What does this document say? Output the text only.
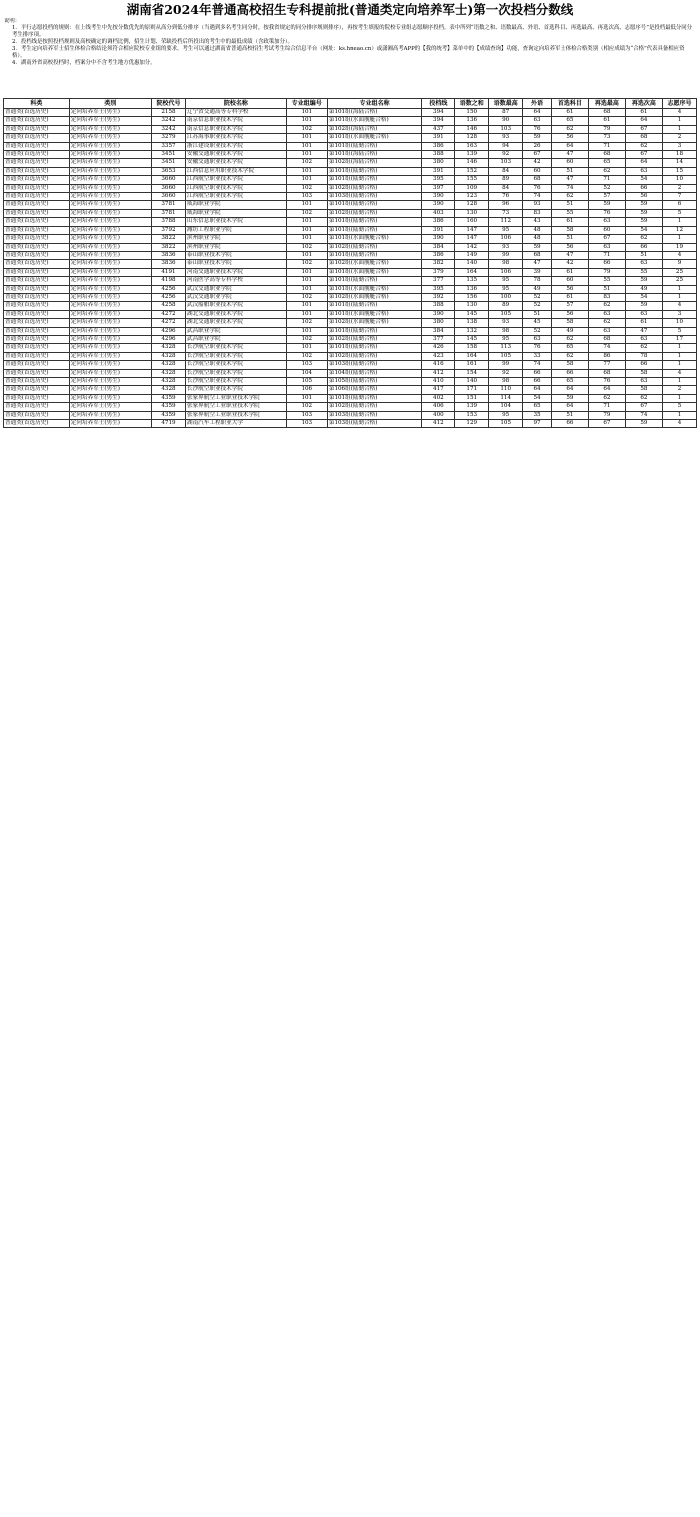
湖南省2024年普通高校招生专科提前批(普通类定向培养军士)第一次投档分数线

说明：

1．平行志愿投档的规则：在上线考生中先按分数优先的原则从高分到低分排序（当遇到多名考生同分时，按我省规定的同分排序规则排序），再按考生填报的院校专业组志愿顺序投档。表中所列“语数之和、语数最高、外语、首选科目、再选最高、再选次高、志愿序号”是投档最低分同分考生排序项。

2．投档线是按照投档规则及高校确定的调档比例，招生计划、荣缺投档后所投出的考生中的最低成绩（含政策加分）。

3．考生定向培养军士招生体检合格结论须符合相应院校专业组的要求。考生可以通过湖南省普通高校招生考试考生综合信息平台（网址：ks.hneao.cn）或潇湘高考APP的【我的统考】菜单中的【成绩查询】功能，查询定向培养军士体检合格类别（相应成绩为“合格”代表具备相应资格）。

4．湖南外省高校投档时，档案分中不含考生地方优惠加分。

科类	类别	院校代号	院校名称	专业组编号	专业组名称	投档线	语数之和	语数最高	外语	首选科目	再选最高	再选次高	志愿序号
普通类(首选历史)	定向培养军士(男生)	2158	辽宁省交通高等专科学校	101	第101组(海陆合格)	394	150	87	64	61	68	61	4
普通类(首选历史)	定向培养军士(男生)	3242	南京信息职业技术学院	101	第101组(水面舰艇合格)	394	136	90	63	65	61	64	1
普通类(首选历史)	定向培养军士(男生)	3242	南京信息职业技术学院	102	第102组(海陆合格)	437	146	103	76	62	79	67	1
普通类(首选历史)	定向培养军士(男生)	3279	江苏海事职业技术学院	101	第101组(水面舰艇合格)	391	128	93	59	56	73	68	2
普通类(首选历史)	定向培养军士(男生)	3357	浙江建设职业技术学院	101	第101组(陆勤合格)	386	163	94	26	64	71	62	3
普通类(首选历史)	定向培养军士(男生)	3451	安徽交通职业技术学院	101	第101组(海陆合格)	388	139	92	67	47	68	67	18
普通类(首选历史)	定向培养军士(男生)	3451	安徽交通职业技术学院	102	第102组(海陆合格)	380	146	103	42	60	65	64	14
普通类(首选历史)	定向培养军士(男生)	3653	江西信息应用职业技术学院	101	第101组(陆勤合格)	391	152	84	60	51	62	63	15
普通类(首选历史)	定向培养军士(男生)	3660	江西航空职业技术学院	101	第101组(陆勤合格)	395	155	89	68	47	71	54	10
普通类(首选历史)	定向培养军士(男生)	3660	江西航空职业技术学院	102	第102组(陆勤合格)	397	109	84	76	74	52	66	2
普通类(首选历史)	定向培养军士(男生)	3660	江西航空职业技术学院	103	第103组(陆勤合格)	390	123	76	74	62	57	56	7
普通类(首选历史)	定向培养军士(男生)	3781	威海职业学院	101	第101组(陆勤合格)	390	128	96	93	51	59	59	6
普通类(首选历史)	定向培养军士(男生)	3781	威海职业学院	102	第102组(陆勤合格)	403	130	73	83	55	76	59	5
普通类(首选历史)	定向培养军士(男生)	3788	山东信息职业技术学院	101	第101组(陆勤合格)	386	160	112	43	61	63	59	1
普通类(首选历史)	定向培养军士(男生)	3792	潍坊工程职业学院	101	第101组(陆勤合格)	391	147	95	48	58	60	54	12
普通类(首选历史)	定向培养军士(男生)	3822	滨州职业学院	101	第101组(水面舰艇合格)	390	147	106	48	51	67	62	1
普通类(首选历史)	定向培养军士(男生)	3822	滨州职业学院	102	第102组(陆勤合格)	384	142	93	59	56	63	66	19
普通类(首选历史)	定向培养军士(男生)	3836	泰山职业技术学院	101	第101组(陆勤合格)	386	149	99	68	47	71	51	4
普通类(首选历史)	定向培养军士(男生)	3836	泰山职业技术学院	102	第102组(水面舰艇合格)	382	140	98	47	42	66	63	9
普通类(首选历史)	定向培养军士(男生)	4191	河南交通职业技术学院	101	第101组(水面舰艇合格)	379	164	106	39	61	79	55	25
普通类(首选历史)	定向培养军士(男生)	4198	河南医学高等专科学校	101	第101组(陆勤合格)	377	135	95	78	60	55	59	25
普通类(首选历史)	定向培养军士(男生)	4256	武汉交通职业学院	101	第101组(水面舰艇合格)	395	136	95	49	56	51	49	1
普通类(首选历史)	定向培养军士(男生)	4256	武汉交通职业学院	102	第102组(水面舰艇合格)	392	156	100	52	61	83	54	1
普通类(首选历史)	定向培养军士(男生)	4258	武汉船舶职业技术学院	101	第101组(陆勤合格)	388	130	89	52	57	62	59	4
普通类(首选历史)	定向培养军士(男生)	4272	湖北交通职业技术学院	101	第101组(水面舰艇合格)	390	145	105	51	56	63	63	3
普通类(首选历史)	定向培养军士(男生)	4272	湖北交通职业技术学院	102	第102组(水面舰艇合格)	380	138	93	45	58	62	61	10
普通类(首选历史)	定向培养军士(男生)	4296	武昌职业学院	101	第101组(陆勤合格)	384	132	98	52	49	63	47	5
普通类(首选历史)	定向培养军士(男生)	4296	武昌职业学院	102	第102组(陆勤合格)	377	145	95	63	62	68	63	17
普通类(首选历史)	定向培养军士(男生)	4328	长沙航空职业技术学院	101	第101组(陆勤合格)	426	158	113	76	65	74	62	1
普通类(首选历史)	定向培养军士(男生)	4328	长沙航空职业技术学院	102	第102组(陆勤合格)	423	164	105	33	62	86	78	1
普通类(首选历史)	定向培养军士(男生)	4328	长沙航空职业技术学院	103	第103组(陆勤合格)	416	161	99	74	58	77	66	1
普通类(首选历史)	定向培养军士(男生)	4328	长沙航空职业技术学院	104	第104组(陆勤合格)	412	154	92	66	66	68	58	4
普通类(首选历史)	定向培养军士(男生)	4328	长沙航空职业技术学院	105	第105组(陆勤合格)	410	140	98	66	65	76	63	1
普通类(首选历史)	定向培养军士(男生)	4328	长沙航空职业技术学院	106	第106组(陆勤合格)	417	171	110	64	64	64	58	2
普通类(首选历史)	定向培养军士(男生)	4359	张家界航空工业职业技术学院	101	第101组(陆勤合格)	402	151	114	54	59	62	62	1
普通类(首选历史)	定向培养军士(男生)	4359	张家界航空工业职业技术学院	102	第102组(陆勤合格)	406	139	104	65	64	71	67	5
普通类(首选历史)	定向培养军士(男生)	4359	张家界航空工业职业技术学院	103	第103组(陆勤合格)	400	153	95	35	51	79	74	1
普通类(首选历史)	定向培养军士(男生)	4719	湖南汽车工程职业大学	103	第103组(陆勤合格)	412	129	105	97	66	67	59	4
